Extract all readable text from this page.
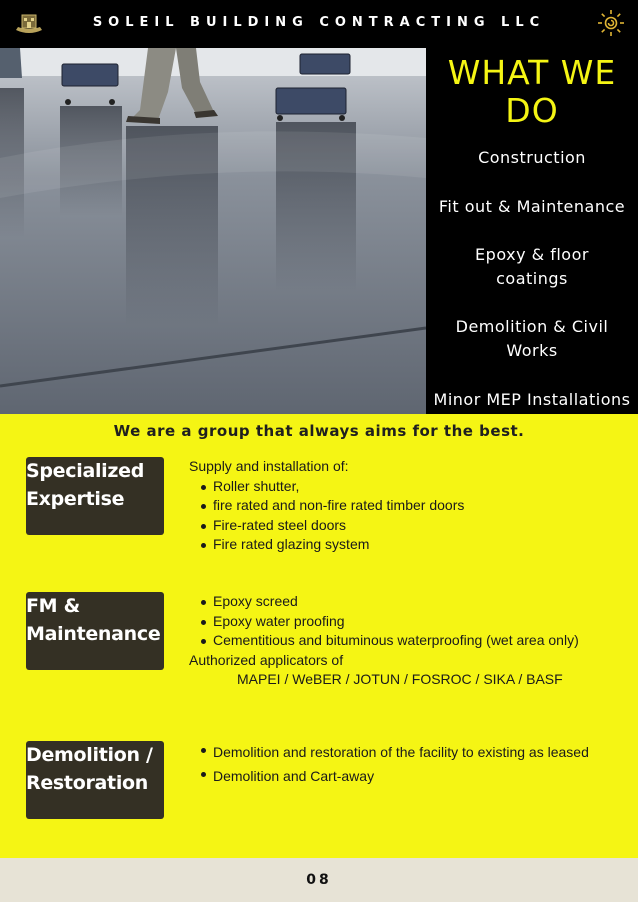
SOLEIL BUILDING CONTRACTING LLC
WHAT WE
DO
Construction
Fit out & Maintenance
Epoxy & floor
coatings
Demolition & Civil
Works
Minor MEP Installations
We are a group that always aims for the best.
Specialized
Expertise
Supply and installation of:
Roller shutter,
fire rated and non-fire rated timber doors
Fire-rated steel doors
Fire rated glazing system
FM &
Maintenance
Epoxy screed
Epoxy water proofing
Cementitious and bituminous waterproofing (wet area only)
Authorized applicators of
MAPEI / WeBER / JOTUN / FOSROC / SIKA / BASF
Demolition /
Restoration
Demolition and restoration of the facility to existing as leased
Demolition and Cart-away
08
